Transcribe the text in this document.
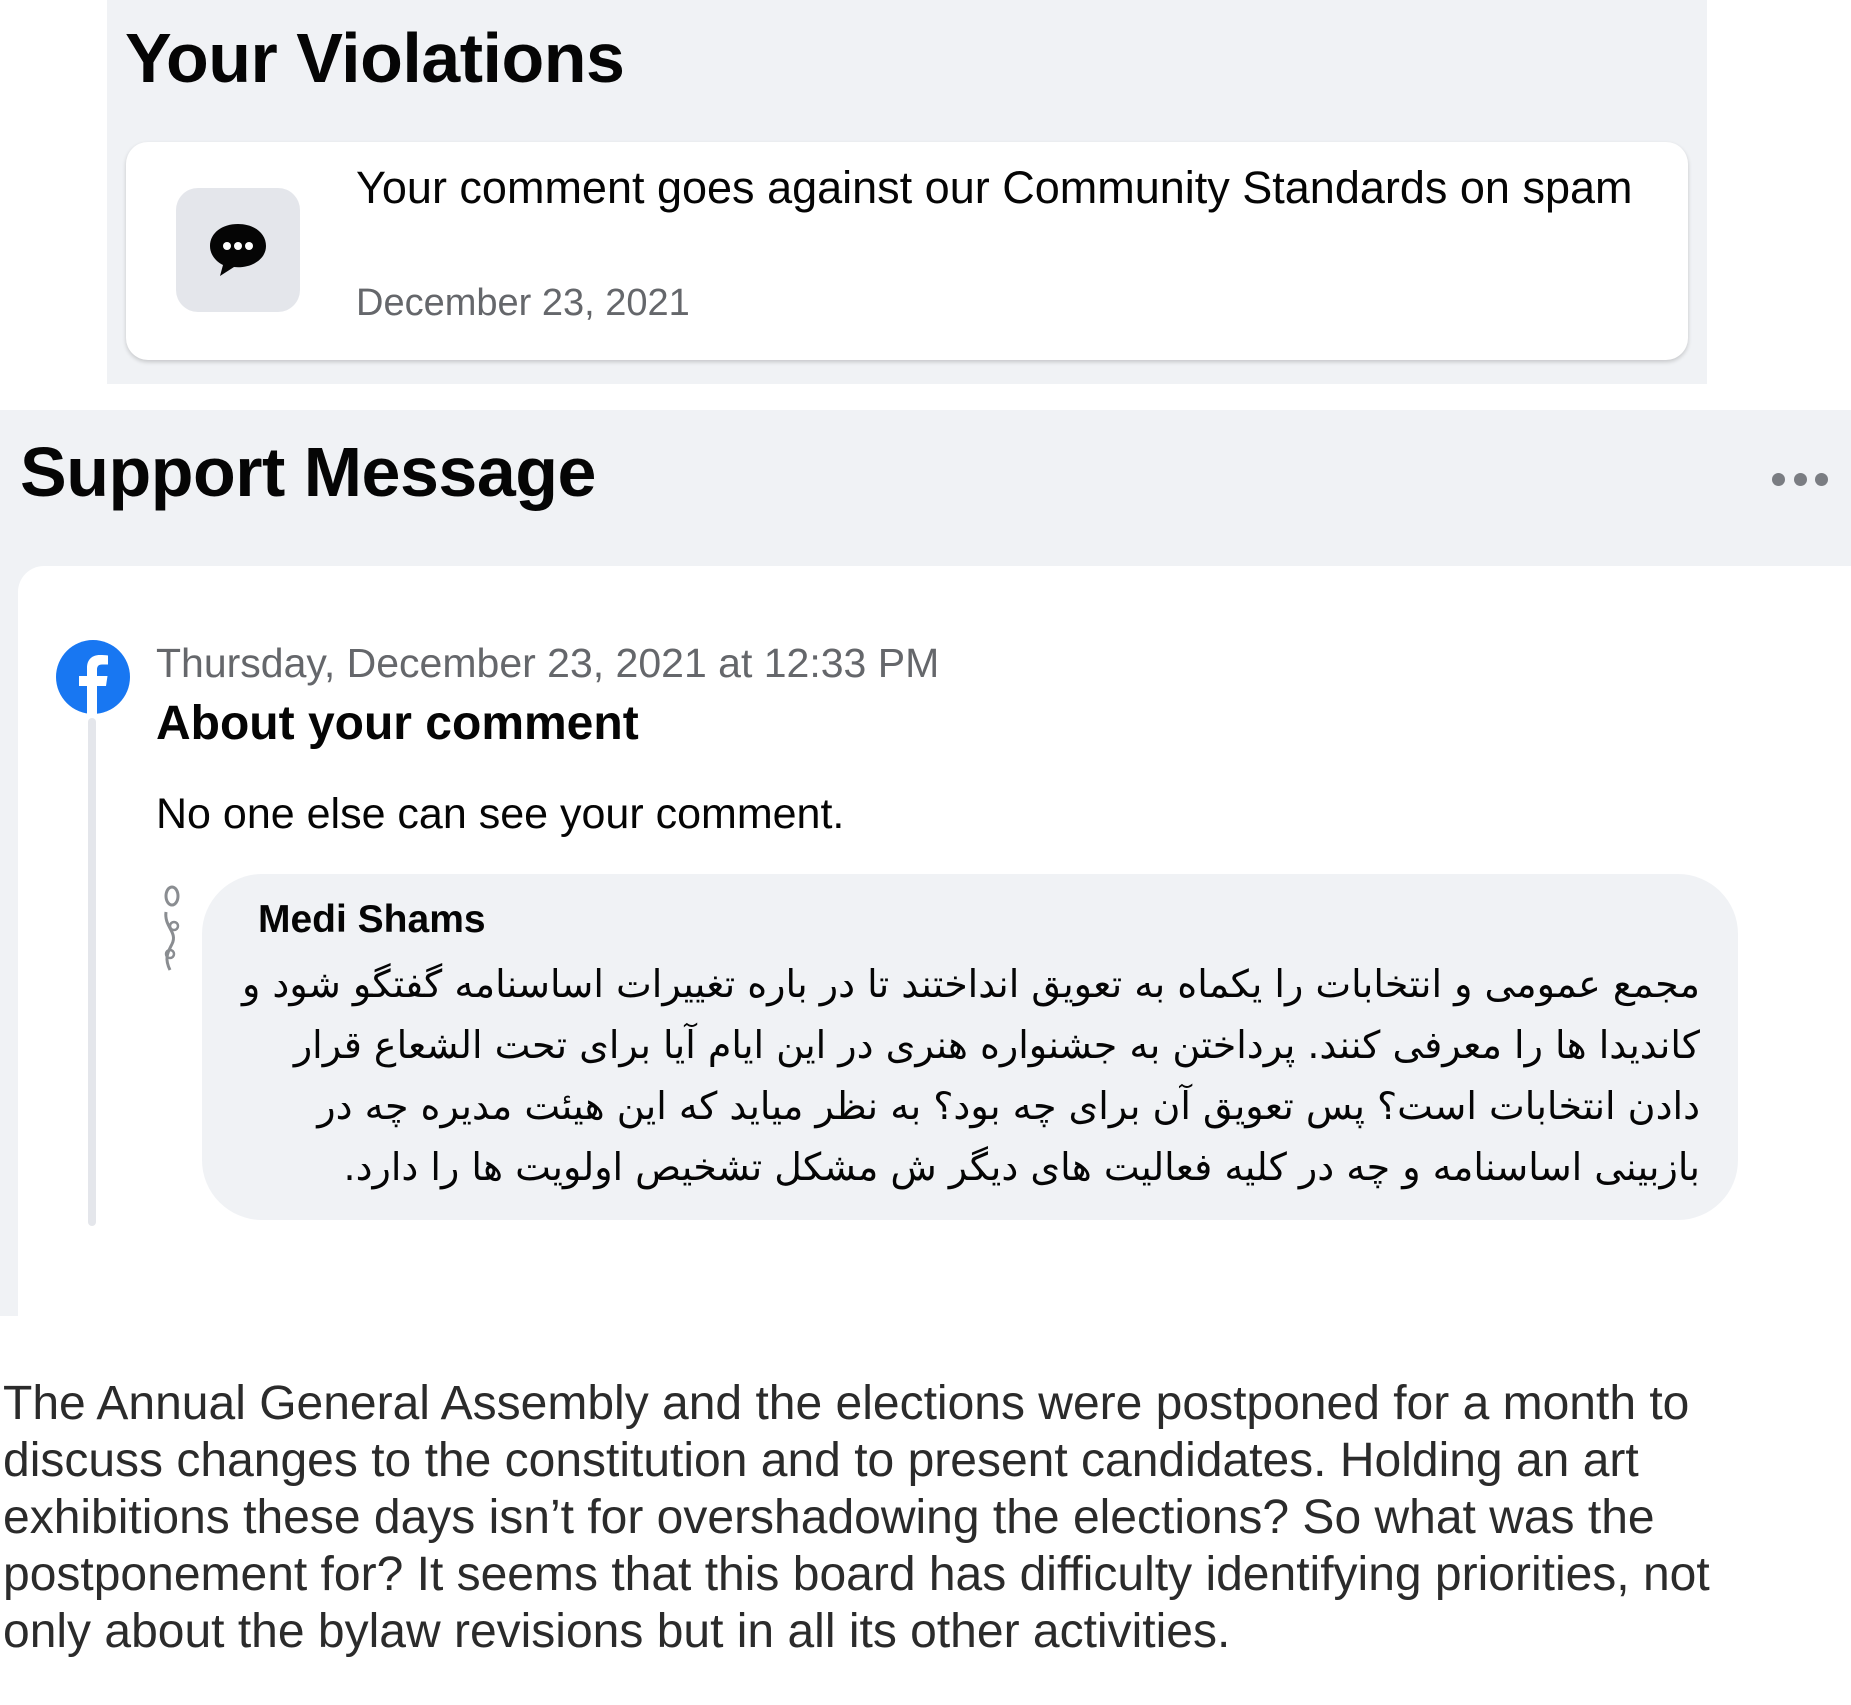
Your Violations
Your comment goes against our Community Standards on spam
December 23, 2021
Support Message
Thursday, December 23, 2021 at 12:33 PM
About your comment
No one else can see your comment.
Medi Shams
مجمع عمومی و انتخابات را یکماه به تعویق انداختند تا در باره تغییرات اساسنامه گفتگو شود و کاندیدا ها را معرفی کنند. پرداختن به جشنواره هنری در این ایام آیا برای تحت الشعاع قرار دادن انتخابات است؟ پس تعویق آن برای چه بود؟ به نظر میاید که این هیئت مدیره چه در بازبینی اساسنامه و چه در کلیه فعالیت های دیگر ش مشکل تشخیص اولویت ها را دارد.
The Annual General Assembly and the elections were postponed for a month to discuss changes to the constitution and to present candidates. Holding an art exhibitions these days isn’t for overshadowing the elections? So what was the postponement for? It seems that this board has difficulty identifying priorities, not only about the bylaw revisions but in all its other activities.
